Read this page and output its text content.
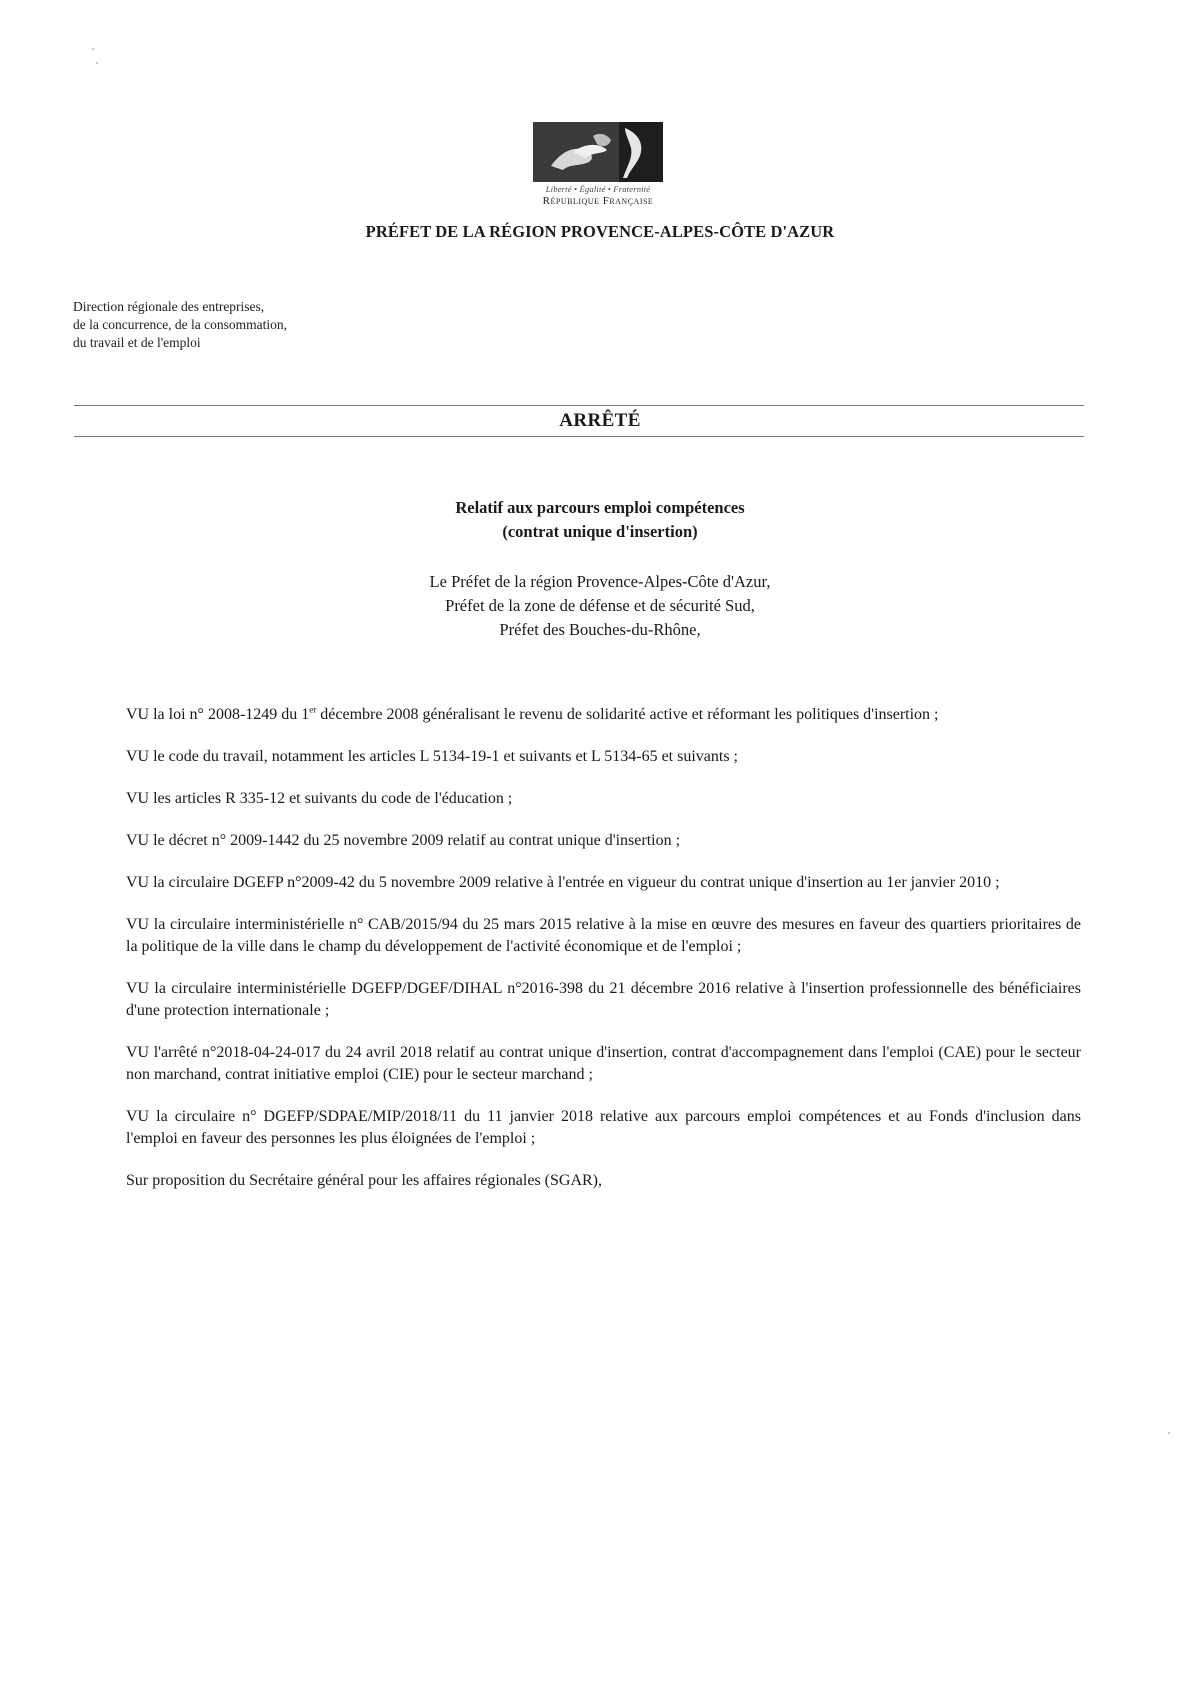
Liberté • Égalité • Fraternité
République Française
PRÉFET DE LA RÉGION PROVENCE-ALPES-CÔTE D'AZUR
Direction régionale des entreprises,
de la concurrence, de la consommation,
du travail et de l'emploi
ARRÊTÉ
Relatif aux parcours emploi compétences
(contrat unique d'insertion)
Le Préfet de la région Provence-Alpes-Côte d'Azur,
Préfet de la zone de défense et de sécurité Sud,
Préfet des Bouches-du-Rhône,

VU la loi n° 2008-1249 du 1er décembre 2008 généralisant le revenu de solidarité active et réformant les politiques d'insertion ;

VU le code du travail, notamment les articles L 5134-19-1 et suivants et L 5134-65 et suivants ;

VU les articles R 335-12 et suivants du code de l'éducation ;

VU le décret n° 2009-1442 du 25 novembre 2009 relatif au contrat unique d'insertion ;

VU la circulaire DGEFP n°2009-42 du 5 novembre 2009 relative à l'entrée en vigueur du contrat unique d'insertion au 1er janvier 2010 ;

VU la circulaire interministérielle n° CAB/2015/94 du 25 mars 2015 relative à la mise en œuvre des mesures en faveur des quartiers prioritaires de la politique de la ville dans le champ du développement de l'activité économique et de l'emploi ;

VU la circulaire interministérielle DGEFP/DGEF/DIHAL n°2016-398 du 21 décembre 2016 relative à l'insertion professionnelle des bénéficiaires d'une protection internationale ;

VU l'arrêté n°2018-04-24-017 du 24 avril 2018 relatif au contrat unique d'insertion, contrat d'accompagnement dans l'emploi (CAE) pour le secteur non marchand, contrat initiative emploi (CIE) pour le secteur marchand ;

VU la circulaire n° DGEFP/SDPAE/MIP/2018/11 du 11 janvier 2018 relative aux parcours emploi compétences et au Fonds d'inclusion dans l'emploi en faveur des personnes les plus éloignées de l'emploi ;

Sur proposition du Secrétaire général pour les affaires régionales (SGAR),
